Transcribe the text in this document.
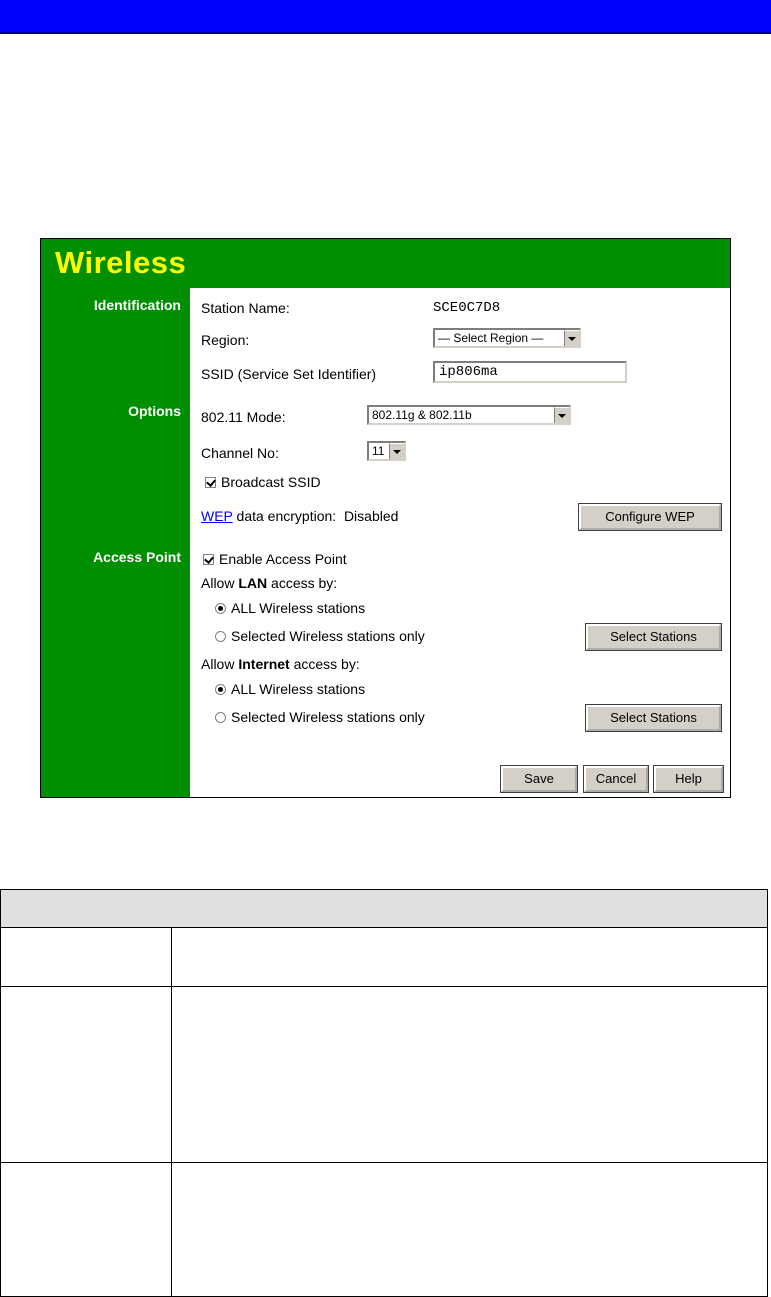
Wireless
Identification
Options
Access Point
Station Name:	SCE0C7D8
Region:	— Select Region —
SSID (Service Set Identifier)	ip806ma
802.11 Mode:	802.11g & 802.11b
Channel No:	11
Broadcast SSID
WEP data encryption: Disabled	Configure WEP
Enable Access Point
Allow LAN access by:
ALL Wireless stations
Selected Wireless stations only	Select Stations
Allow Internet access by:
ALL Wireless stations
Selected Wireless stations only	Select Stations
Save	Cancel	Help
